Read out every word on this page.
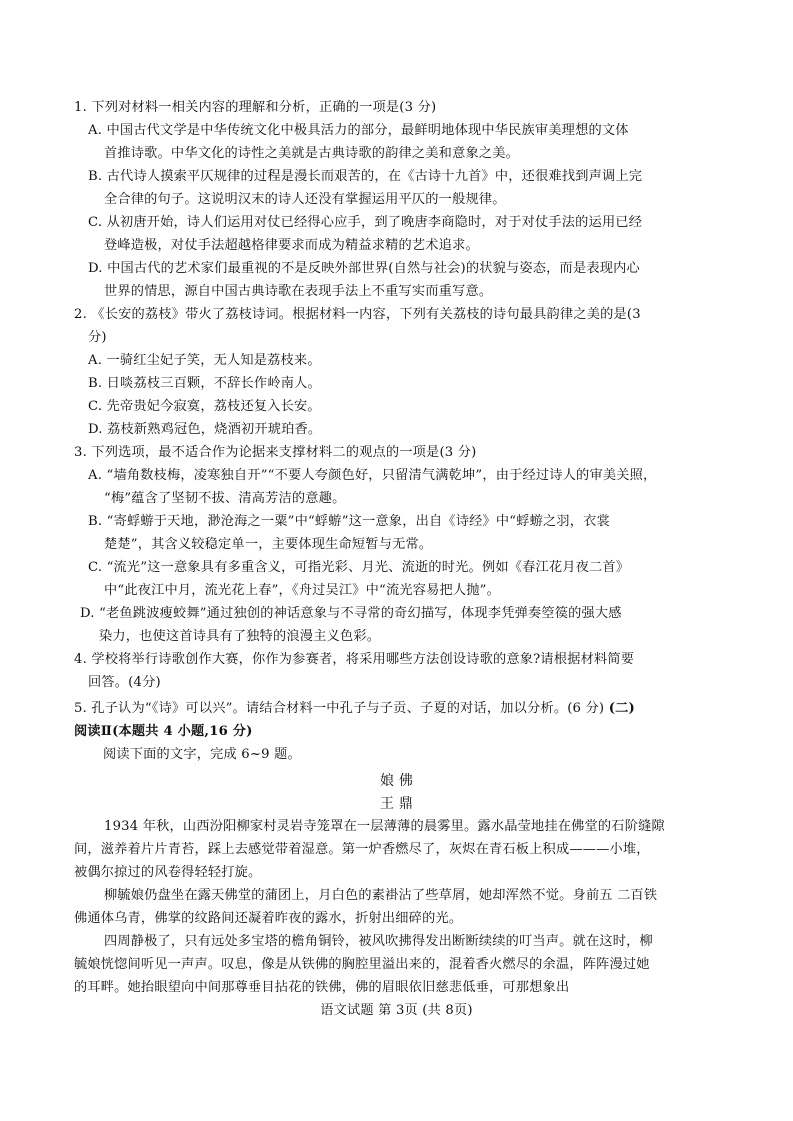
1. 下列对材料一相关内容的理解和分析，正确的一项是(3 分)
A. 中国古代文学是中华传统文化中极具活力的部分，最鲜明地体现中华民族审美理想的文体
首推诗歌。中华文化的诗性之美就是古典诗歌的韵律之美和意象之美。
B. 古代诗人摸索平仄规律的过程是漫长而艰苦的，在《古诗十九首》中，还很难找到声调上完
全合律的句子。这说明汉末的诗人还没有掌握运用平仄的一般规律。
C. 从初唐开始，诗人们运用对仗已经得心应手，到了晚唐李商隐时，对于对仗手法的运用已经
登峰造极，对仗手法超越格律要求而成为精益求精的艺术追求。
D. 中国古代的艺术家们最重视的不是反映外部世界(自然与社会)的状貌与姿态，而是表现内心
世界的情思，源自中国古典诗歌在表现手法上不重写实而重写意。
2. 《长安的荔枝》带火了荔枝诗词。根据材料一内容，下列有关荔枝的诗句最具韵律之美的是(3
分)
A. 一骑红尘妃子笑，无人知是荔枝来。
B. 日啖荔枝三百颗，不辞长作岭南人。
C. 先帝贵妃今寂寞，荔枝还复入长安。
D. 荔枝新熟鸡冠色，烧酒初开琥珀香。
3. 下列选项，最不适合作为论据来支撑材料二的观点的一项是(3 分)
A. “墙角数枝梅，凌寒独自开”“不要人夸颜色好，只留清气满乾坤”，由于经过诗人的审美关照，
“梅”蕴含了坚韧不拔、清高芳洁的意趣。
B. “寄蜉蝣于天地，渺沧海之一粟”中“蜉蝣”这一意象，出自《诗经》中“蜉蝣之羽，衣裳
楚楚”，其含义较稳定单一，主要体现生命短暂与无常。
C. “流光”这一意象具有多重含义，可指光彩、月光、流逝的时光。例如《春江花月夜二首》
中“此夜江中月，流光花上春”，《舟过吴江》中“流光容易把人抛”。
D. “老鱼跳波瘦蛟舞”通过独创的神话意象与不寻常的奇幻描写，体现李凭弹奏箜篌的强大感
染力，也使这首诗具有了独特的浪漫主义色彩。
4. 学校将举行诗歌创作大赛，你作为参赛者，将采用哪些方法创设诗歌的意象?请根据材料简要
回答。(4分)
5. 孔子认为“《诗》可以兴”。请结合材料一中孔子与子贡、子夏的对话，加以分析。(6 分) (二)
阅读Ⅱ(本题共 4 小题,16 分)
阅读下面的文字，完成 6~9 题。
娘 佛
王 鼎
1934 年秋，山西汾阳柳家村灵岩寺笼罩在一层薄薄的晨雾里。露水晶莹地挂在佛堂的石阶缝隙
间，滋养着片片青苔，踩上去感觉带着湿意。第一炉香燃尽了，灰烬在青石板上积成———小堆，
被偶尔掠过的风卷得轻轻打旋。
柳毓娘仍盘坐在露天佛堂的蒲团上，月白色的素褂沾了些草屑，她却浑然不觉。身前五 二百铁
佛通体乌青，佛掌的纹路间还凝着昨夜的露水，折射出细碎的光。
四周静极了，只有远处多宝塔的檐角铜铃，被风吹拂得发出断断续续的叮当声。就在这时，柳
毓娘恍惚间听见一声声。叹息，像是从铁佛的胸腔里溢出来的，混着香火燃尽的余温，阵阵漫过她
的耳畔。她抬眼望向中间那尊垂目拈花的铁佛，佛的眉眼依旧慈悲低垂，可那想象出
语文试题 第 3页 (共 8页)
